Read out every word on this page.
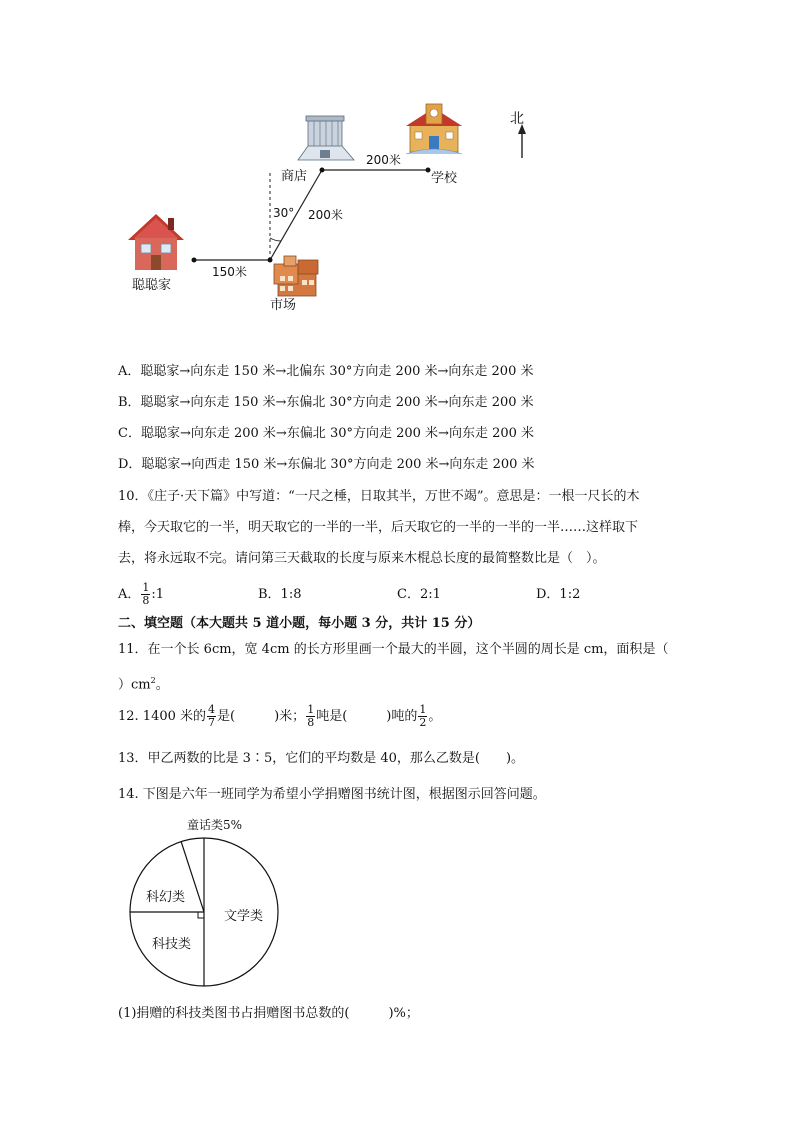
北
商店	学校
聪聪家
市场
150米
200米
200米
30°
A．聪聪家→向东走 150 米→北偏东 30°方向走 200 米→向东走 200 米
B．聪聪家→向东走 150 米→东偏北 30°方向走 200 米→向东走 200 米
C．聪聪家→向东走 200 米→东偏北 30°方向走 200 米→向东走 200 米
D．聪聪家→向西走 150 米→东偏北 30°方向走 200 米→向东走 200 米
10．《庄子·天下篇》中写道：“一尺之棰，日取其半，万世不竭”。意思是：一根一尺长的木
棒，今天取它的一半，明天取它的一半的一半，后天取它的一半的一半的一半……这样取下
去，将永远取不完。请问第三天截取的长度与原来木棍总长度的最简整数比是（　）。
A． $\frac{1}{8}$ :1	B．1:8	C．2:1	D．1:2
二、填空题（本大题共 5 道小题，每小题 3 分，共计 15 分）
11．在一个长 6cm，宽 4cm 的长方形里画一个最大的半圆，这个半圆的周长是 cm，面积是（
）$cm^2$。
12. 1400 米的 $\frac{4}{7}$ 是(　　　)米； $\frac{1}{8}$ 吨是(　　　)吨的 $\frac{1}{2}$ 。
13．甲乙两数的比是 3∶5，它们的平均数是 40，那么乙数是(　　)。
14. 下图是六年一班同学为希望小学捐赠图书统计图，根据图示回答问题。
童话类5%
科幻类
科技类
文学类
(1)捐赠的科技类图书占捐赠图书总数的(　　　)%；
